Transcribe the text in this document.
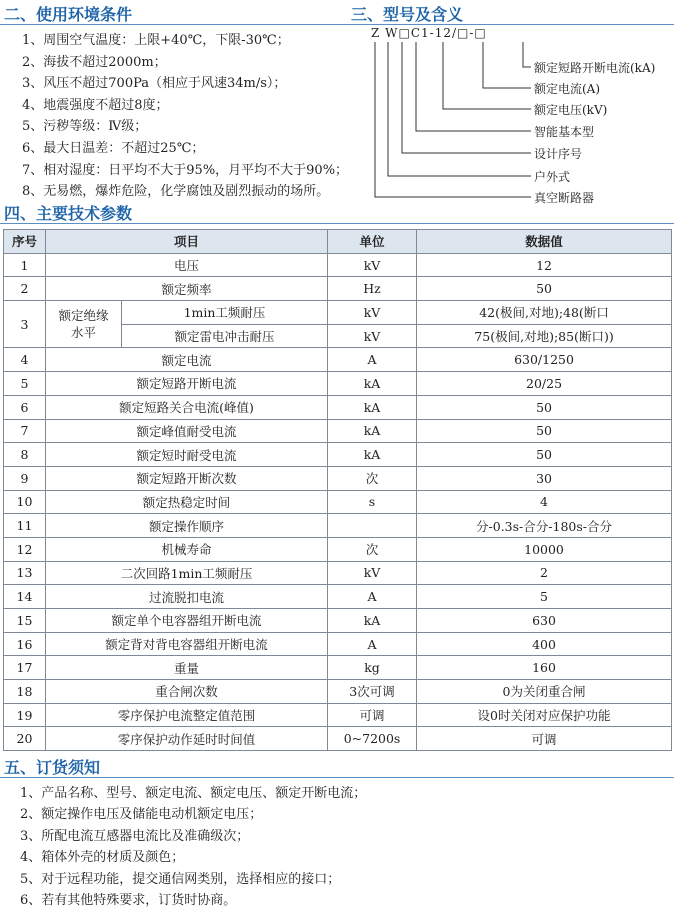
二、使用环境条件	三、型号及含义
1、周围空气温度：上限+40℃，下限-30℃；
2、海拔不超过2000m；
3、风压不超过700Pa（相应于风速34m/s）；
4、地震强度不超过8度；
5、污秽等级：Ⅳ级；
6、最大日温差：不超过25℃；
7、相对湿度：日平均不大于95%，月平均不大于90%；
8、无易燃，爆炸危险，化学腐蚀及剧烈振动的场所。
Z W□C1-12/□-□
额定短路开断电流(kA)
额定电流(A)
额定电压(kV)
智能基本型
设计序号
户外式
真空断路器
四、主要技术参数
序号	项目		单位	数据值
1	电压		kV	12
2	额定频率		Hz	50
3	额定绝缘水平	1min工频耐压	kV	42(极间,对地);48(断口
		额定雷电冲击耐压	kV	75(极间,对地);85(断口))
4	额定电流		A	630/1250
5	额定短路开断电流		kA	20/25
6	额定短路关合电流(峰值)		kA	50
7	额定峰值耐受电流		kA	50
8	额定短时耐受电流		kA	50
9	额定短路开断次数		次	30
10	额定热稳定时间		s	4
11	额定操作顺序			分-0.3s-合分-180s-合分
12	机械寿命		次	10000
13	二次回路1min工频耐压		kV	2
14	过流脱扣电流		A	5
15	额定单个电容器组开断电流		kA	630
16	额定背对背电容器组开断电流		A	400
17	重量		kg	160
18	重合闸次数		3次可调	0为关闭重合闸
19	零序保护电流整定值范围		可调	设0时关闭对应保护功能
20	零序保护动作延时时间值		0~7200s	可调
五、订货须知
1、产品名称、型号、额定电流、额定电压、额定开断电流；
2、额定操作电压及储能电动机额定电压；
3、所配电流互感器电流比及准确级次；
4、箱体外壳的材质及颜色；
5、对于远程功能，提交通信网类别，选择相应的接口；
6、若有其他特殊要求，订货时协商。
